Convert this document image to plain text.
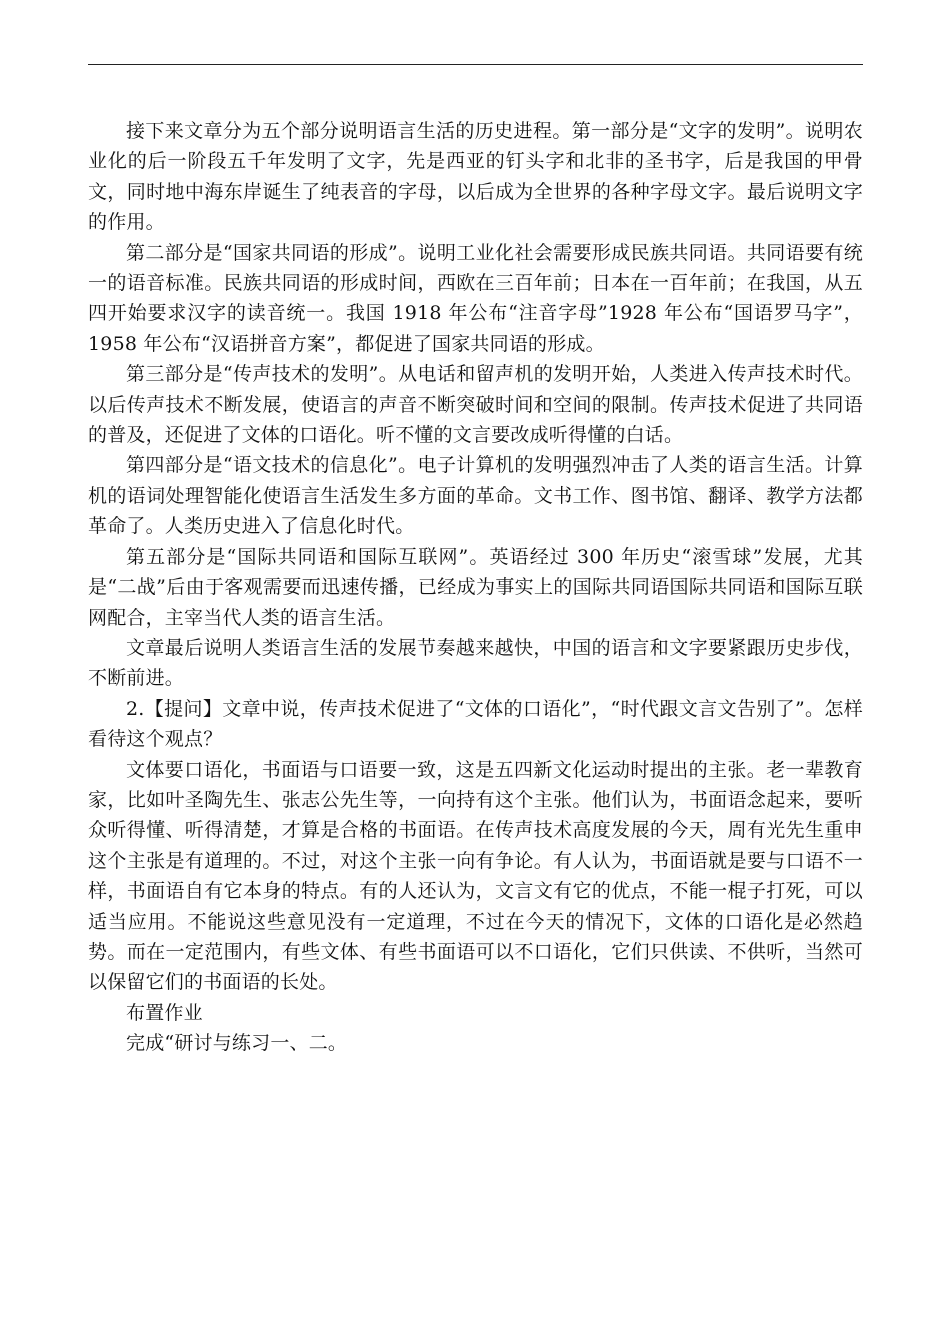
接下来文章分为五个部分说明语言生活的历史进程。第一部分是“文字的发明”。说明农业化的后一阶段五千年发明了文字，先是西亚的钉头字和北非的圣书字，后是我国的甲骨文，同时地中海东岸诞生了纯表音的字母，以后成为全世界的各种字母文字。最后说明文字的作用。

第二部分是“国家共同语的形成”。说明工业化社会需要形成民族共同语。共同语要有统一的语音标准。民族共同语的形成时间，西欧在三百年前；日本在一百年前；在我国，从五四开始要求汉字的读音统一。我国 1918 年公布“注音字母”1928 年公布“国语罗马字”，1958 年公布“汉语拼音方案”，都促进了国家共同语的形成。

第三部分是“传声技术的发明”。从电话和留声机的发明开始，人类进入传声技术时代。以后传声技术不断发展，使语言的声音不断突破时间和空间的限制。传声技术促进了共同语的普及，还促进了文体的口语化。听不懂的文言要改成听得懂的白话。

第四部分是“语文技术的信息化”。电子计算机的发明强烈冲击了人类的语言生活。计算机的语词处理智能化使语言生活发生多方面的革命。文书工作、图书馆、翻译、教学方法都革命了。人类历史进入了信息化时代。

第五部分是“国际共同语和国际互联网”。英语经过 300 年历史“滚雪球”发展，尤其是“二战”后由于客观需要而迅速传播，已经成为事实上的国际共同语国际共同语和国际互联网配合，主宰当代人类的语言生活。

文章最后说明人类语言生活的发展节奏越来越快，中国的语言和文字要紧跟历史步伐，不断前进。

2.【提问】文章中说，传声技术促进了“文体的口语化”，“时代跟文言文告别了”。怎样看待这个观点？

文体要口语化，书面语与口语要一致，这是五四新文化运动时提出的主张。老一辈教育家，比如叶圣陶先生、张志公先生等，一向持有这个主张。他们认为，书面语念起来，要听众听得懂、听得清楚，才算是合格的书面语。在传声技术高度发展的今天，周有光先生重申这个主张是有道理的。不过，对这个主张一向有争论。有人认为，书面语就是要与口语不一样，书面语自有它本身的特点。有的人还认为，文言文有它的优点，不能一棍子打死，可以适当应用。不能说这些意见没有一定道理，不过在今天的情况下，文体的口语化是必然趋势。而在一定范围内，有些文体、有些书面语可以不口语化，它们只供读、不供听，当然可以保留它们的书面语的长处。

布置作业

完成“研讨与练习一、二。
